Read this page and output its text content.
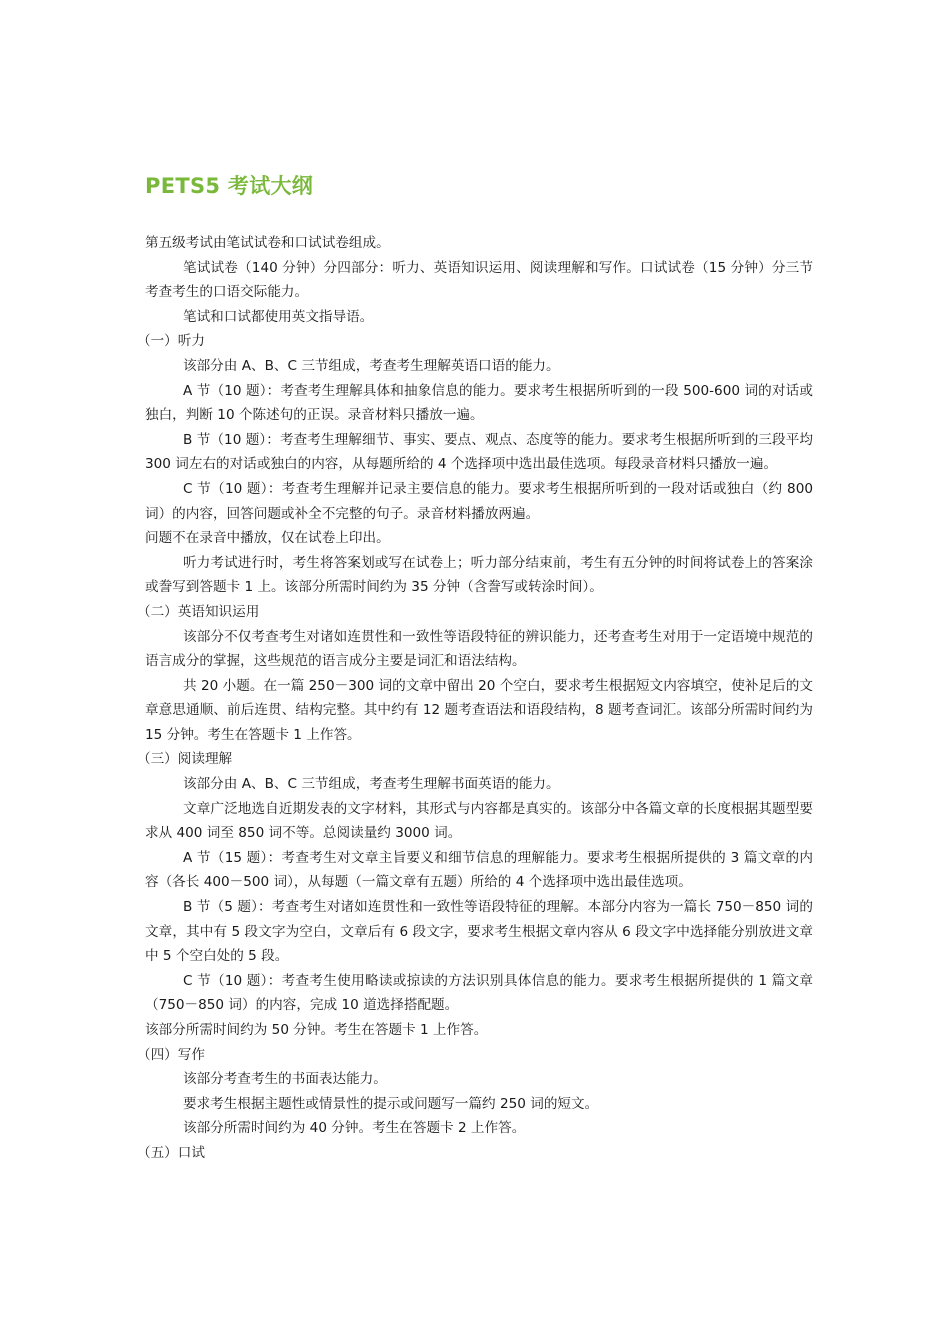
PETS5 考试大纲

第五级考试由笔试试卷和口试试卷组成。

笔试试卷（140 分钟）分四部分：听力、英语知识运用、阅读理解和写作。口试试卷（15 分钟）分三节考查考生的口语交际能力。

笔试和口试都使用英文指导语。

（一）听力

该部分由 A、B、C 三节组成，考查考生理解英语口语的能力。

A 节（10 题）：考查考生理解具体和抽象信息的能力。要求考生根据所听到的一段 500-600 词的对话或独白，判断 10 个陈述句的正误。录音材料只播放一遍。

B 节（10 题）：考查考生理解细节、事实、要点、观点、态度等的能力。要求考生根据所听到的三段平均 300 词左右的对话或独白的内容，从每题所给的 4 个选择项中选出最佳选项。每段录音材料只播放一遍。

C 节（10 题）：考查考生理解并记录主要信息的能力。要求考生根据所听到的一段对话或独白（约 800 词）的内容，回答问题或补全不完整的句子。录音材料播放两遍。

问题不在录音中播放，仅在试卷上印出。

听力考试进行时，考生将答案划或写在试卷上；听力部分结束前，考生有五分钟的时间将试卷上的答案涂或誊写到答题卡 1 上。该部分所需时间约为 35 分钟（含誊写或转涂时间）。

（二）英语知识运用

该部分不仅考查考生对诸如连贯性和一致性等语段特征的辨识能力，还考查考生对用于一定语境中规范的语言成分的掌握，这些规范的语言成分主要是词汇和语法结构。

共 20 小题。在一篇 250－300 词的文章中留出 20 个空白，要求考生根据短文内容填空，使补足后的文章意思通顺、前后连贯、结构完整。其中约有 12 题考查语法和语段结构，8 题考查词汇。该部分所需时间约为 15 分钟。考生在答题卡 1 上作答。

（三）阅读理解

该部分由 A、B、C 三节组成，考查考生理解书面英语的能力。

文章广泛地选自近期发表的文字材料，其形式与内容都是真实的。该部分中各篇文章的长度根据其题型要求从 400 词至 850 词不等。总阅读量约 3000 词。

A 节（15 题）：考查考生对文章主旨要义和细节信息的理解能力。要求考生根据所提供的 3 篇文章的内容（各长 400－500 词），从每题（一篇文章有五题）所给的 4 个选择项中选出最佳选项。

B 节（5 题）：考查考生对诸如连贯性和一致性等语段特征的理解。本部分内容为一篇长 750－850 词的文章，其中有 5 段文字为空白，文章后有 6 段文字，要求考生根据文章内容从 6 段文字中选择能分别放进文章中 5 个空白处的 5 段。

C 节（10 题）：考查考生使用略读或掠读的方法识别具体信息的能力。要求考生根据所提供的 1 篇文章（750－850 词）的内容，完成 10 道选择搭配题。

该部分所需时间约为 50 分钟。考生在答题卡 1 上作答。

（四）写作

该部分考查考生的书面表达能力。

要求考生根据主题性或情景性的提示或问题写一篇约 250 词的短文。

该部分所需时间约为 40 分钟。考生在答题卡 2 上作答。

（五）口试
